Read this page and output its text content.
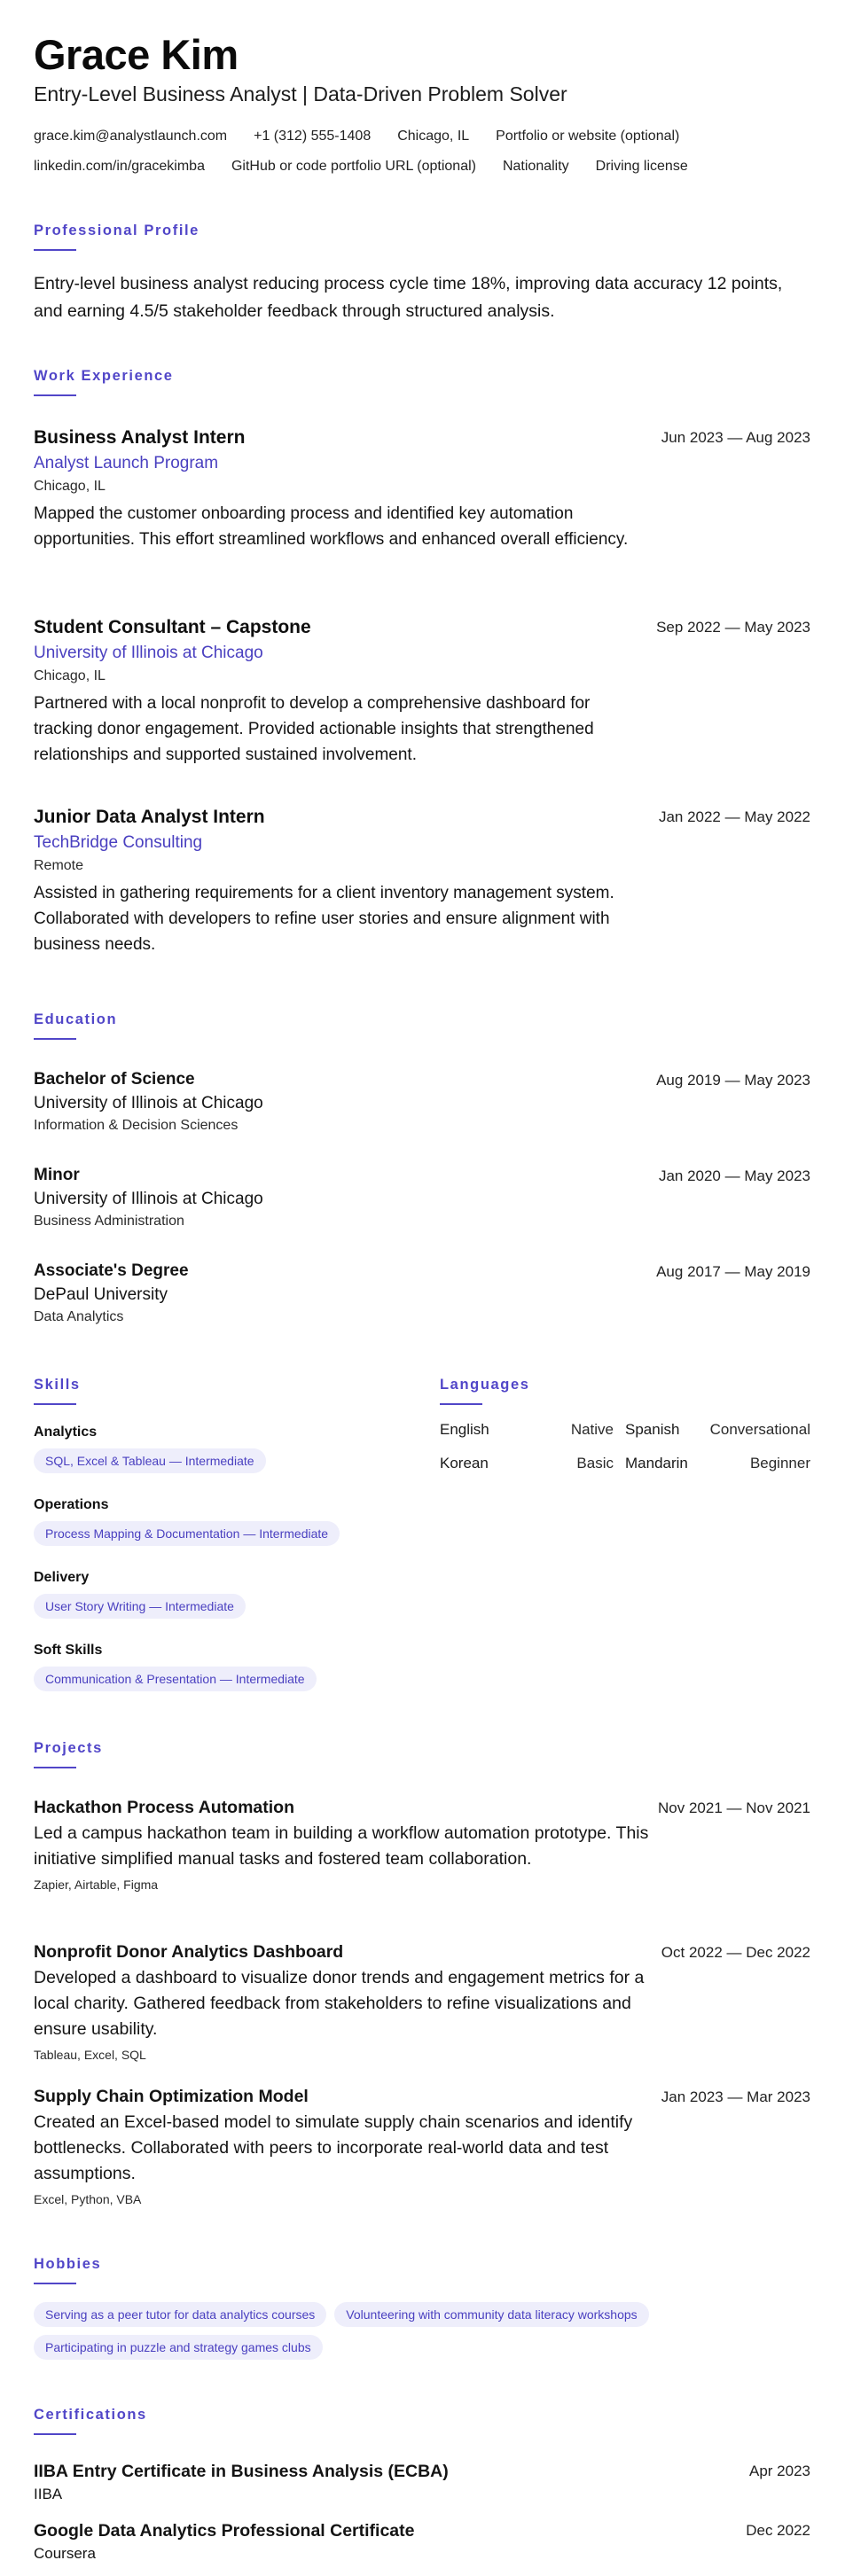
Grace Kim
Entry-Level Business Analyst | Data-Driven Problem Solver
grace.kim@analystlaunch.com +1 (312) 555-1408 Chicago, IL Portfolio or website (optional)
linkedin.com/in/gracekimba GitHub or code portfolio URL (optional) Nationality Driving license
Professional Profile
Entry-level business analyst reducing process cycle time 18%, improving data accuracy 12 points, and earning 4.5/5 stakeholder feedback through structured analysis.
Work Experience
Business Analyst Intern
Analyst Launch Program
Chicago, IL
Mapped the customer onboarding process and identified key automation opportunities. This effort streamlined workflows and enhanced overall efficiency.
Jun 2023 — Aug 2023
Student Consultant – Capstone
University of Illinois at Chicago
Chicago, IL
Partnered with a local nonprofit to develop a comprehensive dashboard for tracking donor engagement. Provided actionable insights that strengthened relationships and supported sustained involvement.
Sep 2022 — May 2023
Junior Data Analyst Intern
TechBridge Consulting
Remote
Assisted in gathering requirements for a client inventory management system. Collaborated with developers to refine user stories and ensure alignment with business needs.
Jan 2022 — May 2022
Education
Bachelor of Science
University of Illinois at Chicago
Information & Decision Sciences
Aug 2019 — May 2023
Minor
University of Illinois at Chicago
Business Administration
Jan 2020 — May 2023
Associate's Degree
DePaul University
Data Analytics
Aug 2017 — May 2019
Skills
Analytics
SQL, Excel & Tableau — Intermediate
Operations
Process Mapping & Documentation — Intermediate
Delivery
User Story Writing — Intermediate
Soft Skills
Communication & Presentation — Intermediate
Languages
English	Native Spanish Conversational
Korean	Basic Mandarin	Beginner
Projects
Hackathon Process Automation
Led a campus hackathon team in building a workflow automation prototype. This initiative simplified manual tasks and fostered team collaboration.
Zapier, Airtable, Figma
Nov 2021 — Nov 2021
Nonprofit Donor Analytics Dashboard
Developed a dashboard to visualize donor trends and engagement metrics for a local charity. Gathered feedback from stakeholders to refine visualizations and ensure usability.
Tableau, Excel, SQL
Oct 2022 — Dec 2022
Supply Chain Optimization Model
Created an Excel-based model to simulate supply chain scenarios and identify bottlenecks. Collaborated with peers to incorporate real-world data and test assumptions.
Excel, Python, VBA
Jan 2023 — Mar 2023
Hobbies
Serving as a peer tutor for data analytics courses	Volunteering with community data literacy workshops
Participating in puzzle and strategy games clubs
Certifications
IIBA Entry Certificate in Business Analysis (ECBA)
IIBA
Apr 2023
Google Data Analytics Professional Certificate
Coursera
Dec 2022
